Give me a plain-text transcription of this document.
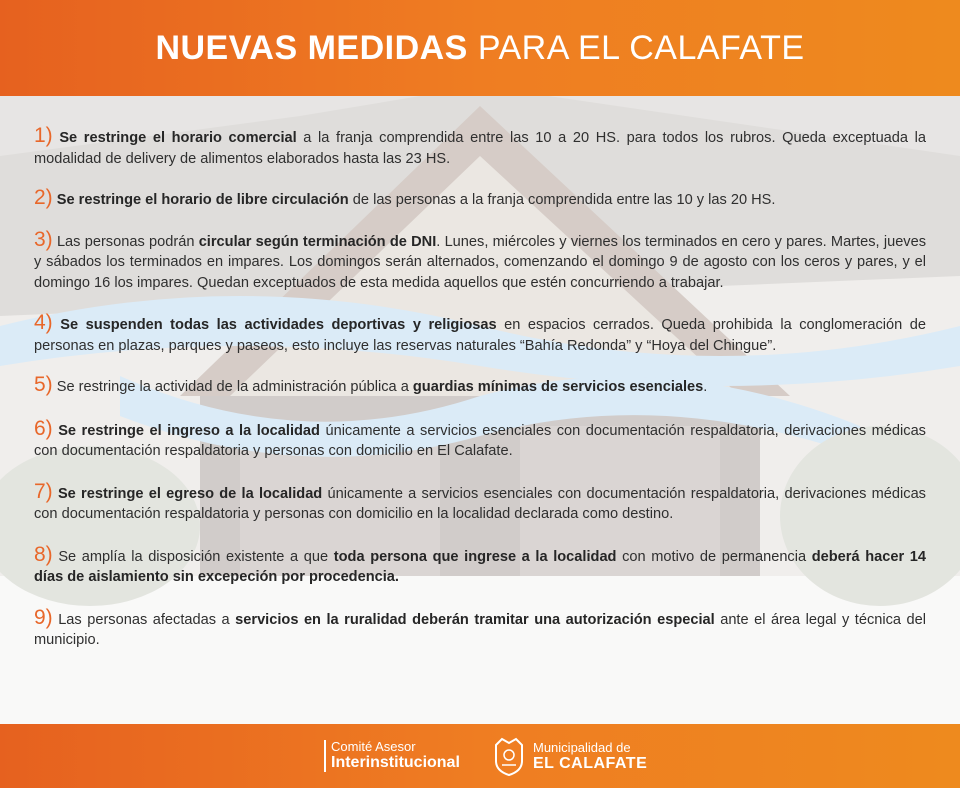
NUEVAS MEDIDAS PARA EL CALAFATE

1) Se restringe el horario comercial a la franja comprendida entre las 10 a 20 HS. para todos los rubros. Queda exceptuada la modalidad de delivery de alimentos elaborados hasta las 23 HS.

2) Se restringe el horario de libre circulación de las personas a la franja comprendida entre las 10 y las 20 HS.

3) Las personas podrán circular según terminación de DNI. Lunes, miércoles y viernes los terminados en cero y pares. Martes, jueves y sábados los terminados en impares. Los domingos serán alternados, comenzando el domingo 9 de agosto con los ceros y pares, y el domingo 16 los impares. Quedan exceptuados de esta medida aquellos que estén concurriendo a trabajar.

4) Se suspenden todas las actividades deportivas y religiosas en espacios cerrados. Queda prohibida la conglomeración de personas en plazas, parques y paseos, esto incluye las reservas naturales “Bahía Redonda” y “Hoya del Chingue”.

5) Se restringe la actividad de la administración pública a guardias mínimas de servicios esenciales.

6) Se restringe el ingreso a la localidad únicamente a servicios esenciales con documentación respaldatoria, derivaciones médicas con documentación respaldatoria y personas con domicilio en El Calafate.

7) Se restringe el egreso de la localidad únicamente a servicios esenciales con documentación respaldatoria, derivaciones médicas con documentación respaldatoria y personas con domicilio en la localidad declarada como destino.

8) Se amplía la disposición existente a que toda persona que ingrese a la localidad con motivo de permanencia deberá hacer 14 días de aislamiento sin excepeción por procedencia.

9) Las personas afectadas a servicios en la ruralidad deberán tramitar una autorización especial ante el área legal y técnica del municipio.

Comité Asesor
Interinstitucional
Municipalidad de
EL CALAFATE
